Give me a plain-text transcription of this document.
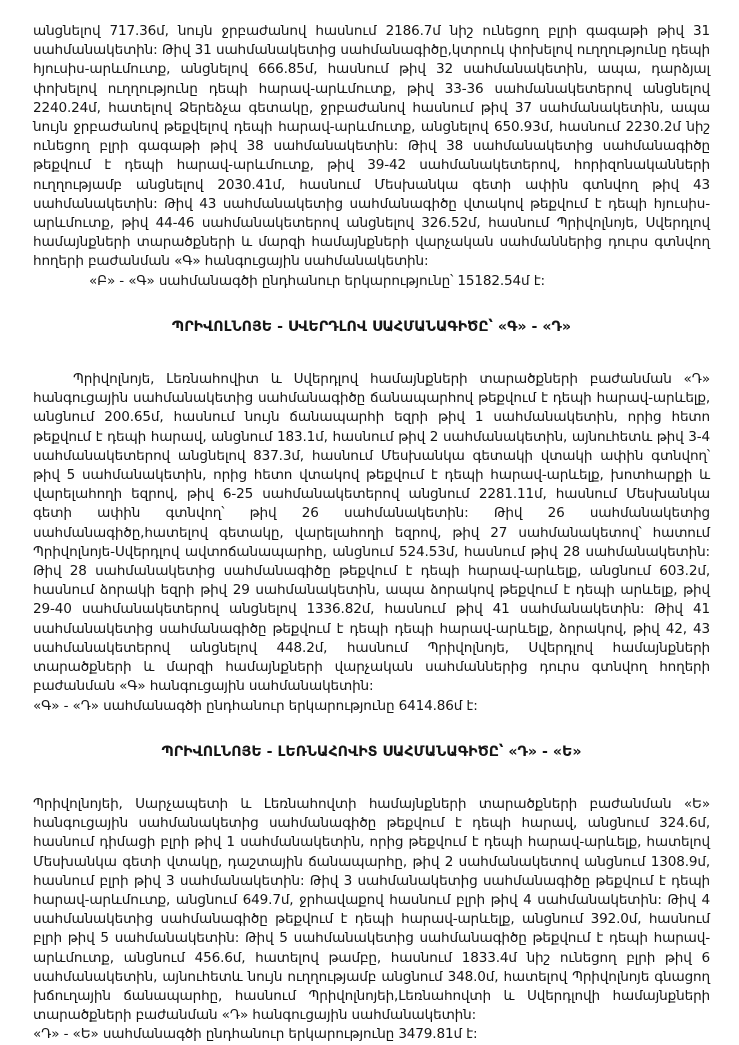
անցնելով 717.36մ, նույն ջրբաժանով հասնում 2186.7մ նիշ ունեցող բլրի գագաթի թիվ 31 սահմանակետին: Թիվ 31 սահմանակետից սահմանագիծը,կտրուկ փոխելով ուղղությունը դեպի հյուսիս-արևմուտք, անցնելով 666.85մ, հասնում թիվ 32 սահմանակետին, ապա, դարձյալ փոխելով ուղղությունը դեպի հարավ-արևմուտք, թիվ 33-36 սահմանակետերով անցնելով 2240.24մ, հատելով Ձերեձչա գետակը, ջրբաժանով հասնում թիվ 37 սահմանակետին, ապա նույն ջրբաժանով թեքվելով դեպի հարավ-արևմուտք, անցնելով 650.93մ, հասնում 2230.2մ նիշ ունեցող բլրի գագաթի թիվ 38 սահմանակետին: Թիվ 38 սահմանակետից սահմանագիծը թեքվում է դեպի հարավ-արևմուտք, թիվ 39-42 սահմանակետերով, հորիզոնականների ուղղությամբ անցնելով 2030.41մ, հասնում Մեսխանկա գետի ափին գտնվող թիվ 43 սահմանակետին: Թիվ 43 սահմանակետից սահմանագիծը վտակով թեքվում է դեպի հյուսիս-արևմուտք, թիվ 44-46 սահմանակետերով անցնելով 326.52մ, հասնում Պրիվոլնոյե, Սվերդլով համայնքների տարածքների և մարզի համայնքների վարչական սահմաններից դուրս գտնվող հողերի բաժանման «Գ» հանգուցային սահմանակետին:

«Բ» - «Գ» սահմանագծի ընդհանուր երկարությունը՝ 15182.54մ է:

ՊՐԻՎՈԼՆՈՅԵ - ՍՎԵՐԴԼՈՎ ՍԱՀՄԱՆԱԳԻԾԸ՝ «Գ» - «Դ»

Պրիվոլնոյե, Լեռնահովիտ և Սվերդլով համայնքների տարածքների բաժանման «Դ» հանգուցային սահմանակետից սահմանագիծը ճանապարհով թեքվում է դեպի հարավ-արևելք, անցնում 200.65մ, հասնում նույն ճանապարհի եզրի թիվ 1 սահմանակետին, որից հետո թեքվում է դեպի հարավ, անցնում 183.1մ, հասնում թիվ 2 սահմանակետին, այնուհետև թիվ 3-4 սահմանակետերով անցնելով 837.3մ, հասնում Մեսխանկա գետակի վտակի ափին գտնվող՝ թիվ 5 սահմանակետին, որից հետո վտակով թեքվում է դեպի հարավ-արևելք, խոտհարքի և վարելահողի եզրով, թիվ 6-25 սահմանակետերով անցնում 2281.11մ, հասնում Մեսխանկա գետի ափին գտնվող՝ թիվ 26 սահմանակետին: Թիվ 26 սահմանակետից սահմանագիծը,հատելով գետակը, վարելահողի եզրով, թիվ 27 սահմանակետով՝ հատում Պրիվոլնոյե-Սվերդլով ավտոճանապարհը, անցնում 524.53մ, հասնում թիվ 28 սահմանակետին: Թիվ 28 սահմանակետից սահմանագիծը թեքվում է դեպի հարավ-արևելք, անցնում 603.2մ, հասնում ձորակի եզրի թիվ 29 սահմանակետին, ապա ձորակով թեքվում է դեպի արևելք, թիվ 29-40 սահմանակետերով անցնելով 1336.82մ, հասնում թիվ 41 սահմանակետին: Թիվ 41 սահմանակետից սահմանագիծը թեքվում է դեպի դեպի հարավ-արևելք, ձորակով, թիվ 42, 43 սահմանակետերով անցնելով 448.2մ, հասնում Պրիվոլնոյե, Սվերդլով համայնքների տարածքների և մարզի համայնքների վարչական սահմաններից դուրս գտնվող հողերի բաժանման «Գ» հանգուցային սահմանակետին:

«Գ» - «Դ» սահմանագծի ընդհանուր երկարությունը 6414.86մ է:

ՊՐԻՎՈԼՆՈՅԵ - ԼԵՌՆԱՀՈՎԻՏ ՍԱՀՄԱՆԱԳԻԾԸ՝ «Դ» - «Ե»

Պրիվոլնոյեի, Սարչապետի և Լեռնահովտի համայնքների տարածքների բաժանման «Ե» հանգուցային սահմանակետից սահմանագիծը թեքվում է դեպի հարավ, անցնում 324.6մ, հասնում դիմացի բլրի թիվ 1 սահմանակետին, որից թեքվում է դեպի հարավ-արևելք, հատելով Մեսխանկա գետի վտակը, դաշտային ճանապարհը, թիվ 2 սահմանակետով անցնում 1308.9մ, հասնում բլրի թիվ 3 սահմանակետին: Թիվ 3 սահմանակետից սահմանագիծը թեքվում է դեպի հարավ-արևմուտք, անցնում 649.7մ, ջրհավաքով հասնում բլրի թիվ 4 սահմանակետին: Թիվ 4 սահմանակետից սահմանագիծը թեքվում է դեպի հարավ-արևելք, անցնում 392.0մ, հասնում բլրի թիվ 5 սահմանակետին: Թիվ 5 սահմանակետից սահմանագիծը թեքվում է դեպի հարավ-արևմուտք, անցնում 456.6մ, հատելով թամբը, հասնում 1833.4մ նիշ ունեցող բլրի թիվ 6 սահմանակետին, այնուհետև նույն ուղղությամբ անցնում 348.0մ, հատելով Պրիվոլնոյե գնացող խճուղային ճանապարհը, հասնում Պրիվոլնոյեի,Լեռնահովտի և Սվերդլովի համայնքների տարածքների բաժանման «Դ» հանգուցային սահմանակետին:

«Դ» - «Ե» սահմանագծի ընդհանուր երկարությունը 3479.81մ է:
